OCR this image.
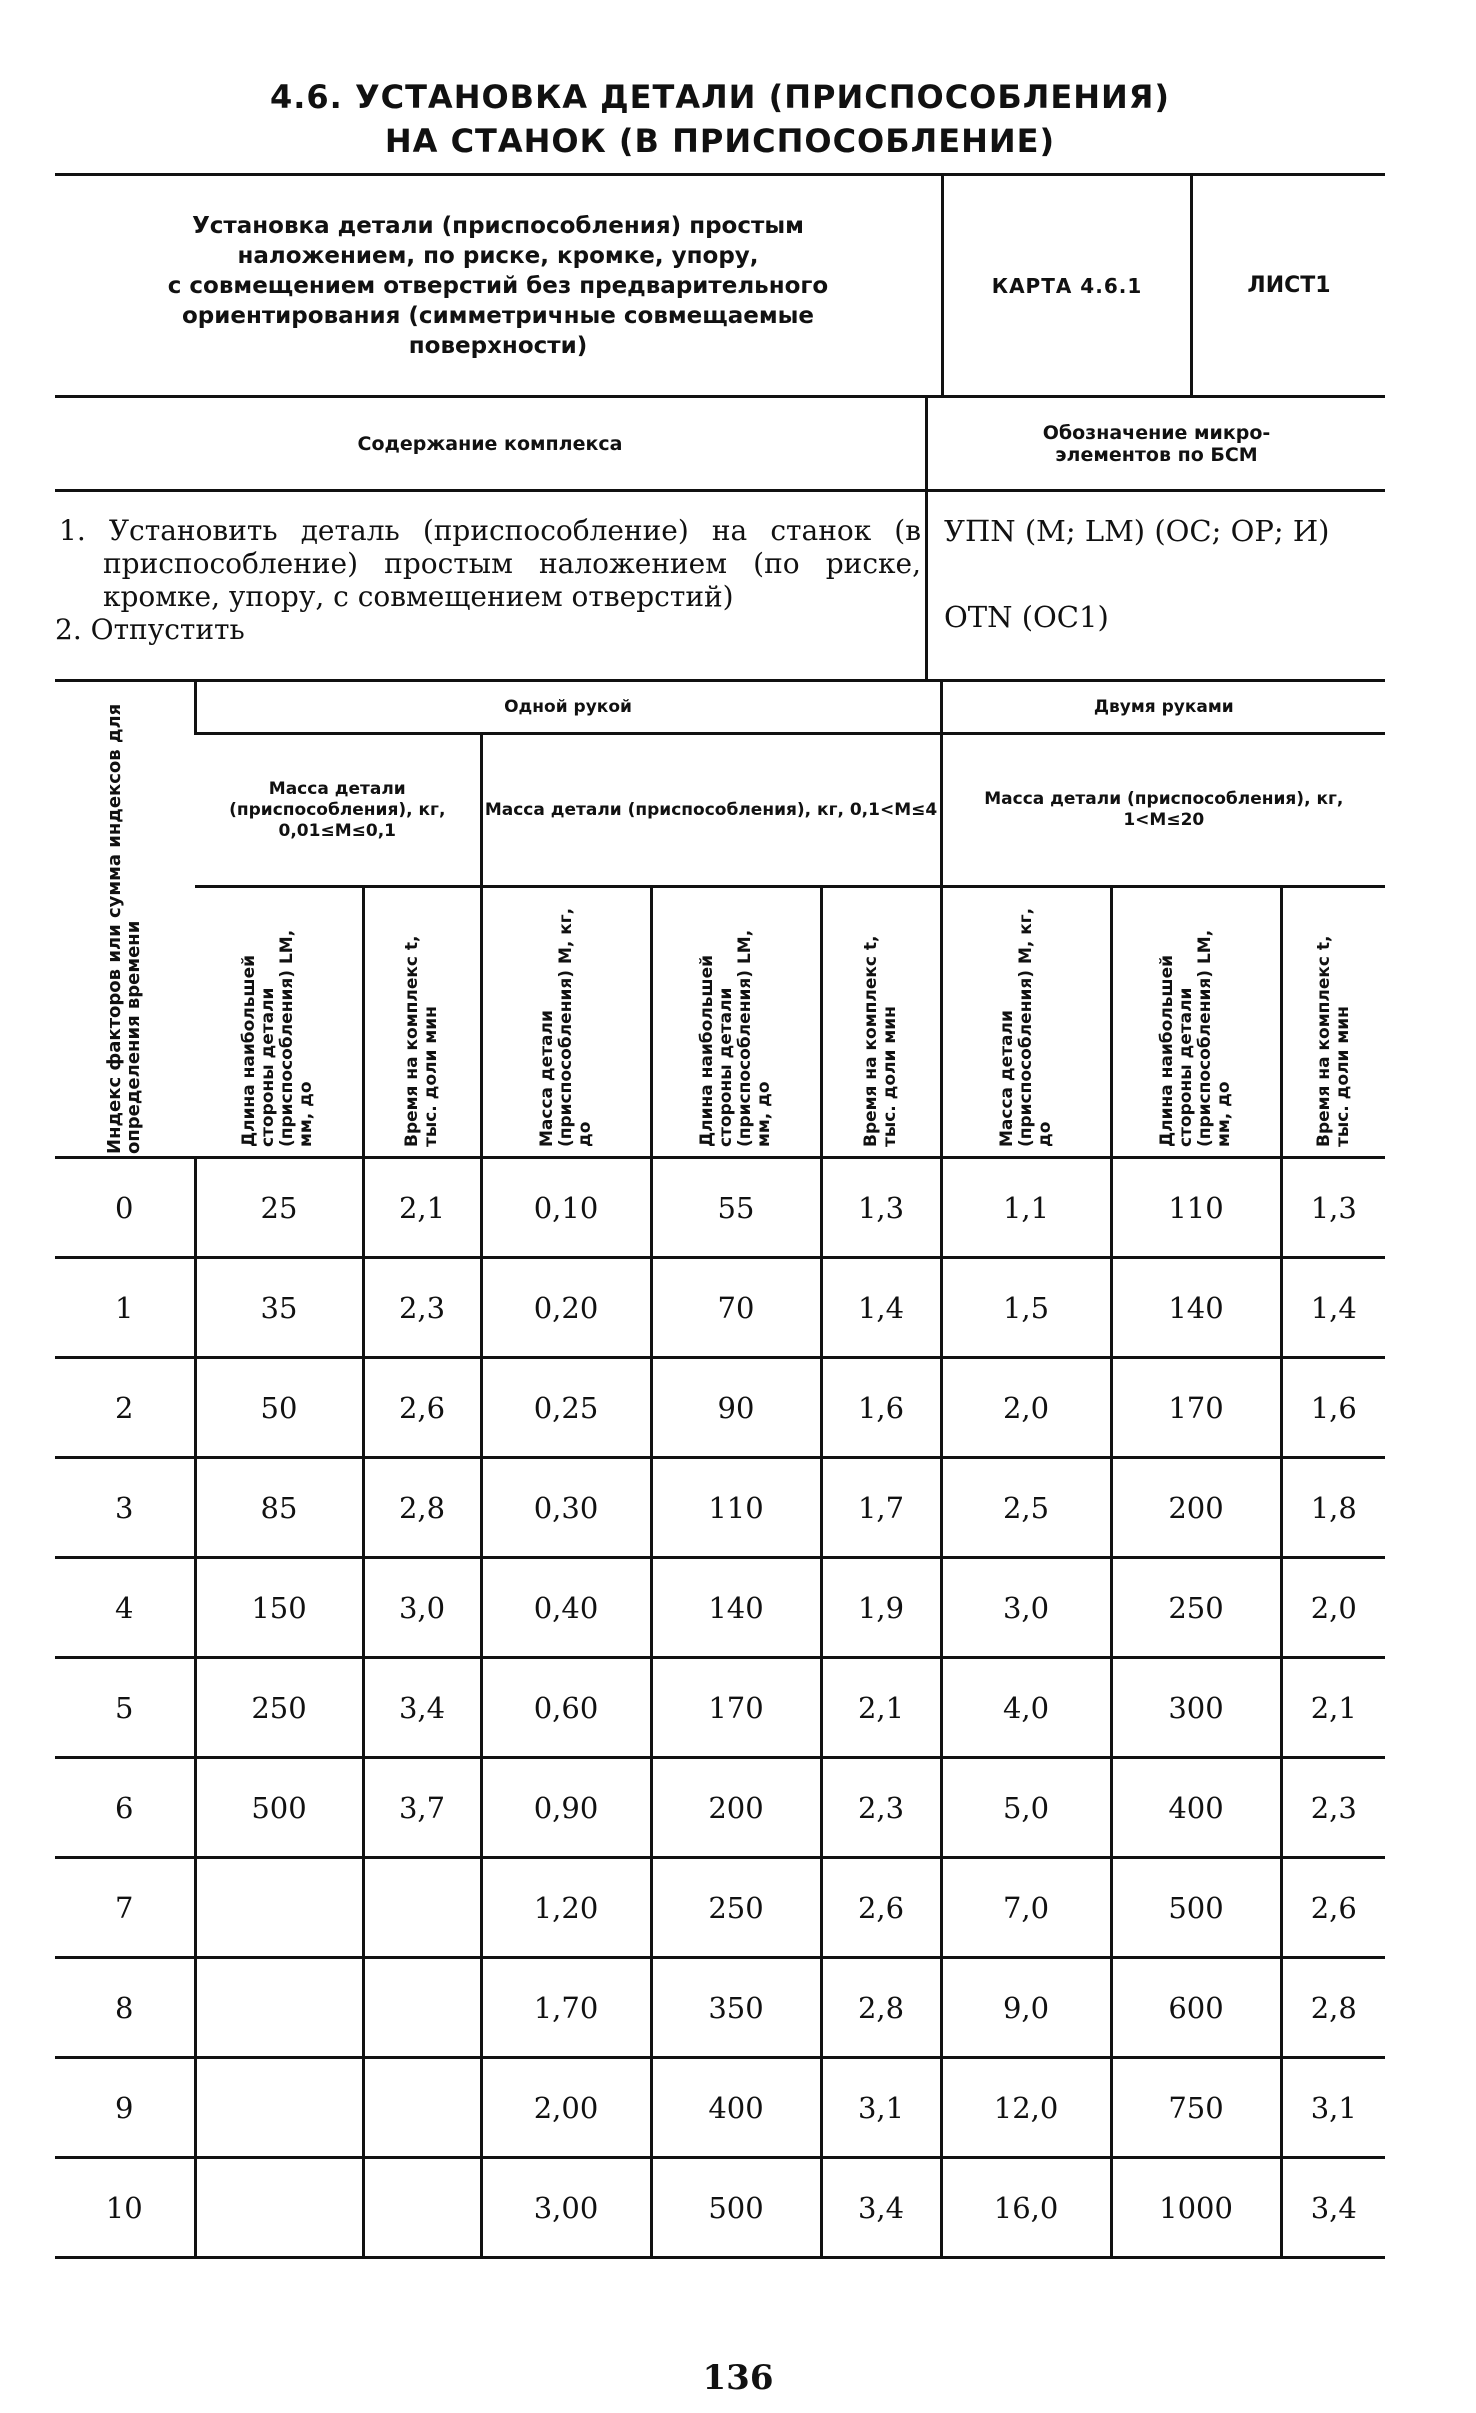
4.6. УСТАНОВКА ДЕТАЛИ (ПРИСПОСОБЛЕНИЯ)
НА СТАНОК (В ПРИСПОСОБЛЕНИЕ)
Установка детали (приспособления) простым
наложением, по риске, кромке, упору,
с совмещением отверстий без предварительного
ориентирования (симметричные совмещаемые
поверхности)
	КАРТА 4.6.1	ЛИСТ1
Содержание комплекса	Обозначение микро-
элементов по БСМ
1. Установить деталь (приспособление) на станок (в приспособление) простым наложением (по риске, кромке, упору, с совмещением отверстий)
2. Отпустить

УПN (M; LM) (ОС; ОР; И)
ОТN (ОС1)
Индекс факторов или сумма индексов для определения времени	Одной рукой					Двумя руками		
	Масса детали (приспособления), кг, 0,01≤M≤0,1		Масса детали (приспособления), кг, 0,1<M≤4			Масса детали (приспособления), кг, 1<M≤20		

	Длина наибольшей стороны детали (приспособления) LM, мм, до	Время на комплекс t, тыс. доли мин	Масса детали (приспособления) M, кг, до	Длина наибольшей стороны детали (приспособления) LM, мм, до	Время на комплекс t, тыс. доли мин	Масса детали (приспособления) M, кг, до	Длина наибольшей стороны детали (приспособления) LM, мм, до	Время на комплекс t, тыс. доли мин

0	25	2,1	0,10	55	1,3	1,1	110	1,3
1	35	2,3	0,20	70	1,4	1,5	140	1,4
2	50	2,6	0,25	90	1,6	2,0	170	1,6
3	85	2,8	0,30	110	1,7	2,5	200	1,8
4	150	3,0	0,40	140	1,9	3,0	250	2,0
5	250	3,4	0,60	170	2,1	4,0	300	2,1
6	500	3,7	0,90	200	2,3	5,0	400	2,3
7			1,20	250	2,6	7,0	500	2,6
8			1,70	350	2,8	9,0	600	2,8
9			2,00	400	3,1	12,0	750	3,1
10			3,00	500	3,4	16,0	1000	3,4
136
